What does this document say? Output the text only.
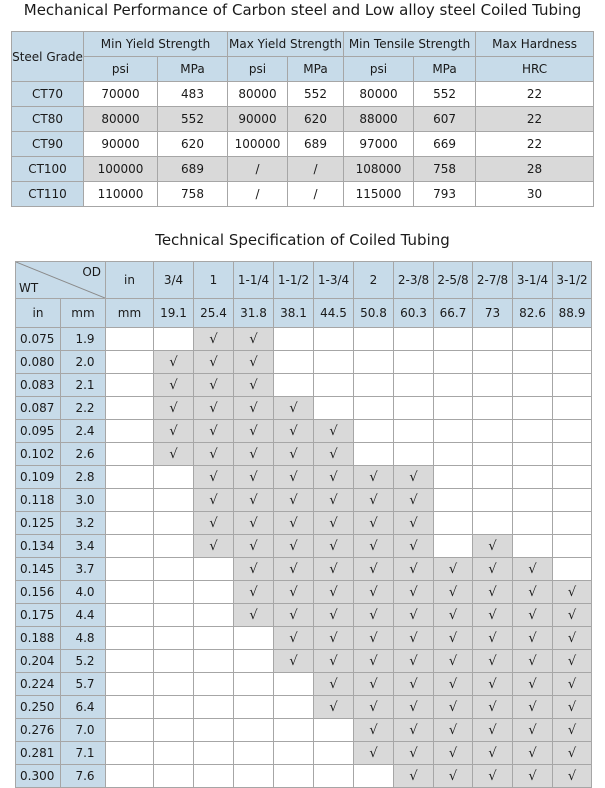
Mechanical Performance of Carbon steel and Low alloy steel Coiled Tubing
Steel Grade	Min Yield Strength		Max Yield Strength		Min Tensile Strength		Max Hardness
	psi	MPa	psi	MPa	psi	MPa	HRC
CT70	70000	483	80000	552	80000	552	22
CT80	80000	552	90000	620	88000	607	22
CT90	90000	620	100000	689	97000	669	22
CT100	100000	689	/	/	108000	758	28
CT110	110000	758	/	/	115000	793	30
Technical Specification of Coiled Tubing
OD
WT		in	3/4	1	1-1/4	1-1/2	1-3/4	2	2-3/8	2-5/8	2-7/8	3-1/4	3-1/2
in	mm	mm	19.1	25.4	31.8	38.1	44.5	50.8	60.3	66.7	73	82.6	88.9
0.075	1.9			√	√								
0.080	2.0		√	√	√								
0.083	2.1		√	√	√								
0.087	2.2		√	√	√	√							
0.095	2.4		√	√	√	√	√						
0.102	2.6		√	√	√	√	√						
0.109	2.8			√	√	√	√	√	√				
0.118	3.0			√	√	√	√	√	√				
0.125	3.2			√	√	√	√	√	√				
0.134	3.4			√	√	√	√	√	√		√		
0.145	3.7				√	√	√	√	√	√	√	√	
0.156	4.0				√	√	√	√	√	√	√	√	√
0.175	4.4				√	√	√	√	√	√	√	√	√
0.188	4.8					√	√	√	√	√	√	√	√
0.204	5.2					√	√	√	√	√	√	√	√
0.224	5.7						√	√	√	√	√	√	√
0.250	6.4						√	√	√	√	√	√	√
0.276	7.0							√	√	√	√	√	√
0.281	7.1							√	√	√	√	√	√
0.300	7.6								√	√	√	√	√
